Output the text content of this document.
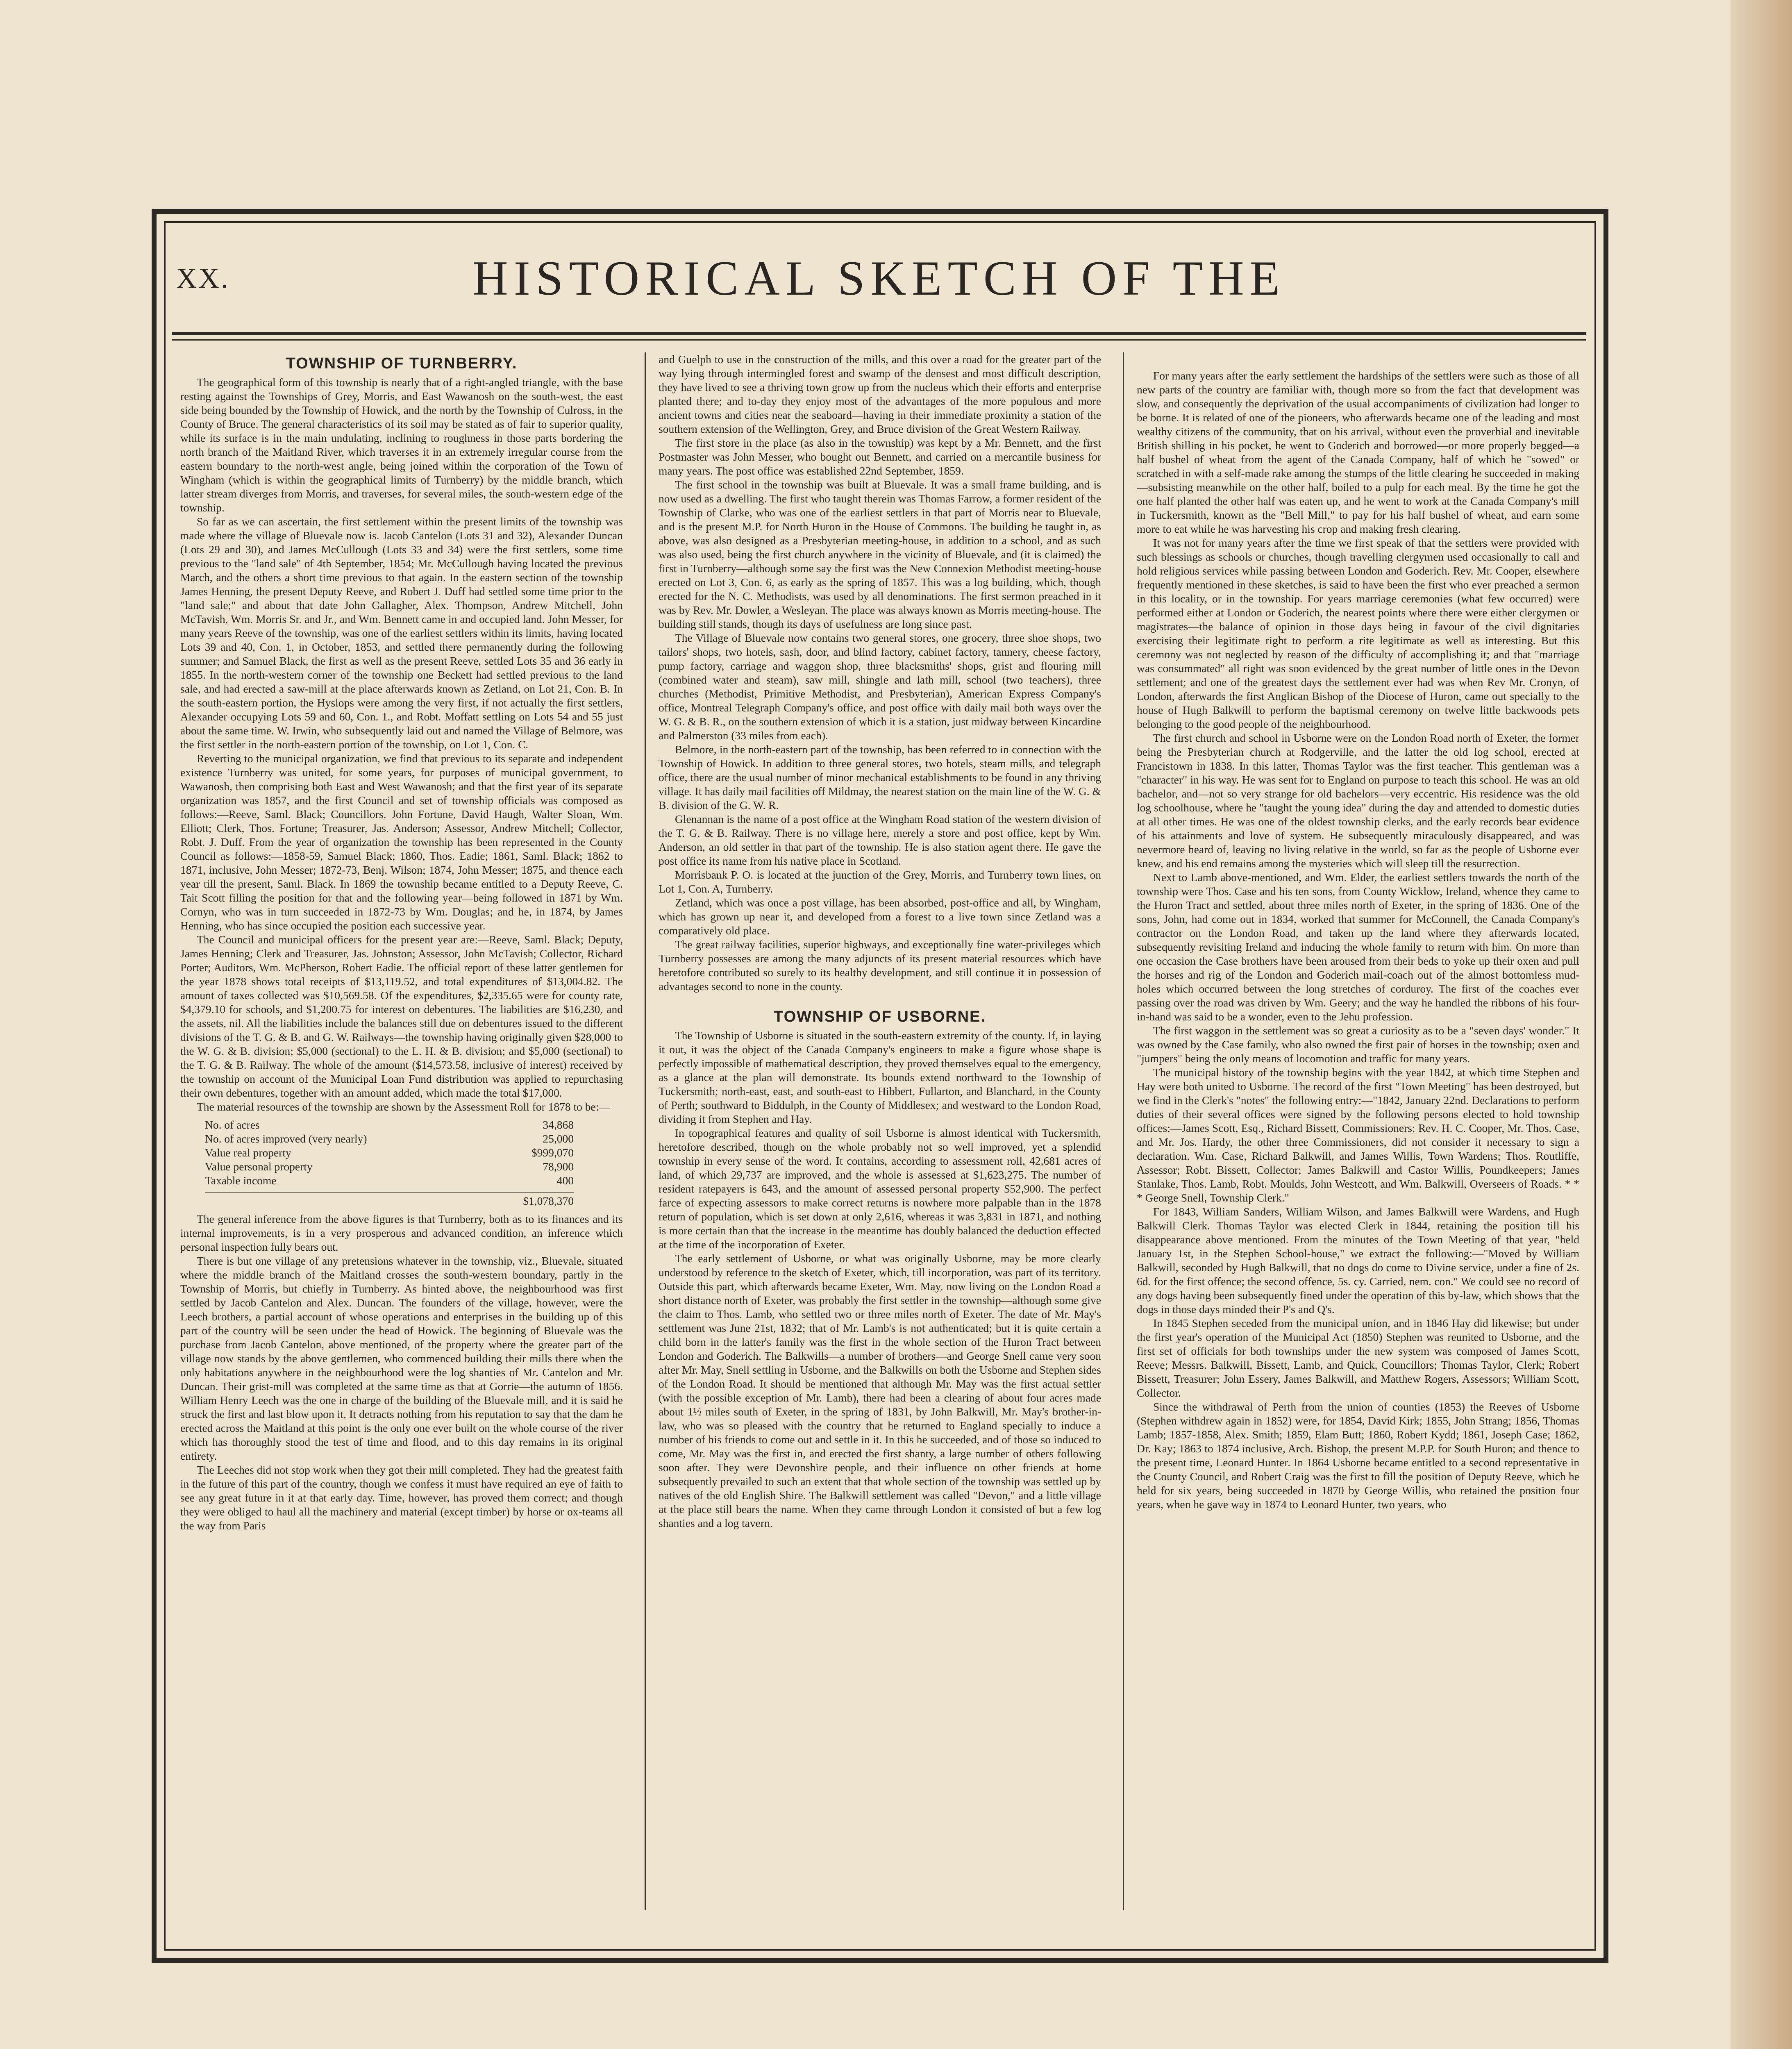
XX.	HISTORICAL SKETCH OF THE
TOWNSHIP OF TURNBERRY.

The geographical form of this township is nearly that of a right-angled triangle, with the base resting against the Townships of Grey, Morris, and East Wawanosh on the south-west, the east side being bounded by the Township of Howick, and the north by the Township of Culross, in the County of Bruce. The general characteristics of its soil may be stated as of fair to superior quality, while its surface is in the main undulating, inclining to roughness in those parts bordering the north branch of the Maitland River, which traverses it in an extremely irregular course from the eastern boundary to the north-west angle, being joined within the corporation of the Town of Wingham (which is within the geographical limits of Turnberry) by the middle branch, which latter stream diverges from Morris, and traverses, for several miles, the south-western edge of the township.

So far as we can ascertain, the first settlement within the present limits of the township was made where the village of Bluevale now is. Jacob Cantelon (Lots 31 and 32), Alexander Duncan (Lots 29 and 30), and James McCullough (Lots 33 and 34) were the first settlers, some time previous to the "land sale" of 4th September, 1854; Mr. McCullough having located the previous March, and the others a short time previous to that again. In the eastern section of the township James Henning, the present Deputy Reeve, and Robert J. Duff had settled some time prior to the "land sale;" and about that date John Gallagher, Alex. Thompson, Andrew Mitchell, John McTavish, Wm. Morris Sr. and Jr., and Wm. Bennett came in and occupied land. John Messer, for many years Reeve of the township, was one of the earliest settlers within its limits, having located Lots 39 and 40, Con. 1, in October, 1853, and settled there permanently during the following summer; and Samuel Black, the first as well as the present Reeve, settled Lots 35 and 36 early in 1855. In the north-western corner of the township one Beckett had settled previous to the land sale, and had erected a saw-mill at the place afterwards known as Zetland, on Lot 21, Con. B. In the south-eastern portion, the Hyslops were among the very first, if not actually the first settlers, Alexander occupying Lots 59 and 60, Con. 1., and Robt. Moffatt settling on Lots 54 and 55 just about the same time. W. Irwin, who subsequently laid out and named the Village of Belmore, was the first settler in the north-eastern portion of the township, on Lot 1, Con. C.

Reverting to the municipal organization, we find that previous to its separate and independent existence Turnberry was united, for some years, for purposes of municipal government, to Wawanosh, then comprising both East and West Wawanosh; and that the first year of its separate organization was 1857, and the first Council and set of township officials was composed as follows:—Reeve, Saml. Black; Councillors, John Fortune, David Haugh, Walter Sloan, Wm. Elliott; Clerk, Thos. Fortune; Treasurer, Jas. Anderson; Assessor, Andrew Mitchell; Collector, Robt. J. Duff. From the year of organization the township has been represented in the County Council as follows:—1858-59, Samuel Black; 1860, Thos. Eadie; 1861, Saml. Black; 1862 to 1871, inclusive, John Messer; 1872-73, Benj. Wilson; 1874, John Messer; 1875, and thence each year till the present, Saml. Black. In 1869 the township became entitled to a Deputy Reeve, C. Tait Scott filling the position for that and the following year—being followed in 1871 by Wm. Cornyn, who was in turn succeeded in 1872-73 by Wm. Douglas; and he, in 1874, by James Henning, who has since occupied the position each successive year.

The Council and municipal officers for the present year are:—Reeve, Saml. Black; Deputy, James Henning; Clerk and Treasurer, Jas. Johnston; Assessor, John McTavish; Collector, Richard Porter; Auditors, Wm. McPherson, Robert Eadie. The official report of these latter gentlemen for the year 1878 shows total receipts of $13,119.52, and total expenditures of $13,004.82. The amount of taxes collected was $10,569.58. Of the expenditures, $2,335.65 were for county rate, $4,379.10 for schools, and $1,200.75 for interest on debentures. The liabilities are $16,230, and the assets, nil. All the liabilities include the balances still due on debentures issued to the different divisions of the T. G. & B. and G. W. Railways—the township having originally given $28,000 to the W. G. & B. division; $5,000 (sectional) to the L. H. & B. division; and $5,000 (sectional) to the T. G. & B. Railway. The whole of the amount ($14,573.58, inclusive of interest) received by the township on account of the Municipal Loan Fund distribution was applied to repurchasing their own debentures, together with an amount added, which made the total $17,000.

The material resources of the township are shown by the Assessment Roll for 1878 to be:—

No. of acres	34,868
No. of acres improved (very nearly)	25,000
Value real property	$999,070
Value personal property	78,900
Taxable income	400
$1,078,370

The general inference from the above figures is that Turnberry, both as to its finances and its internal improvements, is in a very prosperous and advanced condition, an inference which personal inspection fully bears out.

There is but one village of any pretensions whatever in the township, viz., Bluevale, situated where the middle branch of the Maitland crosses the south-western boundary, partly in the Township of Morris, but chiefly in Turnberry. As hinted above, the neighbourhood was first settled by Jacob Cantelon and Alex. Duncan. The founders of the village, however, were the Leech brothers, a partial account of whose operations and enterprises in the building up of this part of the country will be seen under the head of Howick. The beginning of Bluevale was the purchase from Jacob Cantelon, above mentioned, of the property where the greater part of the village now stands by the above gentlemen, who commenced building their mills there when the only habitations anywhere in the neighbourhood were the log shanties of Mr. Cantelon and Mr. Duncan. Their grist-mill was completed at the same time as that at Gorrie—the autumn of 1856. William Henry Leech was the one in charge of the building of the Bluevale mill, and it is said he struck the first and last blow upon it. It detracts nothing from his reputation to say that the dam he erected across the Maitland at this point is the only one ever built on the whole course of the river which has thoroughly stood the test of time and flood, and to this day remains in its original entirety.

The Leeches did not stop work when they got their mill completed. They had the greatest faith in the future of this part of the country, though we confess it must have required an eye of faith to see any great future in it at that early day. Time, however, has proved them correct; and though they were obliged to haul all the machinery and material (except timber) by horse or ox-teams all the way from Paris

and Guelph to use in the construction of the mills, and this over a road for the greater part of the way lying through intermingled forest and swamp of the densest and most difficult description, they have lived to see a thriving town grow up from the nucleus which their efforts and enterprise planted there; and to-day they enjoy most of the advantages of the more populous and more ancient towns and cities near the seaboard—having in their immediate proximity a station of the southern extension of the Wellington, Grey, and Bruce division of the Great Western Railway.

The first store in the place (as also in the township) was kept by a Mr. Bennett, and the first Postmaster was John Messer, who bought out Bennett, and carried on a mercantile business for many years. The post office was established 22nd September, 1859.

The first school in the township was built at Bluevale. It was a small frame building, and is now used as a dwelling. The first who taught therein was Thomas Farrow, a former resident of the Township of Clarke, who was one of the earliest settlers in that part of Morris near to Bluevale, and is the present M.P. for North Huron in the House of Commons. The building he taught in, as above, was also designed as a Presbyterian meeting-house, in addition to a school, and as such was also used, being the first church anywhere in the vicinity of Bluevale, and (it is claimed) the first in Turnberry—although some say the first was the New Connexion Methodist meeting-house erected on Lot 3, Con. 6, as early as the spring of 1857. This was a log building, which, though erected for the N. C. Methodists, was used by all denominations. The first sermon preached in it was by Rev. Mr. Dowler, a Wesleyan. The place was always known as Morris meeting-house. The building still stands, though its days of usefulness are long since past.

The Village of Bluevale now contains two general stores, one grocery, three shoe shops, two tailors' shops, two hotels, sash, door, and blind factory, cabinet factory, tannery, cheese factory, pump factory, carriage and waggon shop, three blacksmiths' shops, grist and flouring mill (combined water and steam), saw mill, shingle and lath mill, school (two teachers), three churches (Methodist, Primitive Methodist, and Presbyterian), American Express Company's office, Montreal Telegraph Company's office, and post office with daily mail both ways over the W. G. & B. R., on the southern extension of which it is a station, just midway between Kincardine and Palmerston (33 miles from each).

Belmore, in the north-eastern part of the township, has been referred to in connection with the Township of Howick. In addition to three general stores, two hotels, steam mills, and telegraph office, there are the usual number of minor mechanical establishments to be found in any thriving village. It has daily mail facilities off Mildmay, the nearest station on the main line of the W. G. & B. division of the G. W. R.

Glenannan is the name of a post office at the Wingham Road station of the western division of the T. G. & B. Railway. There is no village here, merely a store and post office, kept by Wm. Anderson, an old settler in that part of the township. He is also station agent there. He gave the post office its name from his native place in Scotland.

Morrisbank P. O. is located at the junction of the Grey, Morris, and Turnberry town lines, on Lot 1, Con. A, Turnberry.

Zetland, which was once a post village, has been absorbed, post-office and all, by Wingham, which has grown up near it, and developed from a forest to a live town since Zetland was a comparatively old place.

The great railway facilities, superior highways, and exceptionally fine water-privileges which Turnberry possesses are among the many adjuncts of its present material resources which have heretofore contributed so surely to its healthy development, and still continue it in possession of advantages second to none in the county.

TOWNSHIP OF USBORNE.

The Township of Usborne is situated in the south-eastern extremity of the county. If, in laying it out, it was the object of the Canada Company's engineers to make a figure whose shape is perfectly impossible of mathematical description, they proved themselves equal to the emergency, as a glance at the plan will demonstrate. Its bounds extend northward to the Township of Tuckersmith; north-east, east, and south-east to Hibbert, Fullarton, and Blanchard, in the County of Perth; southward to Biddulph, in the County of Middlesex; and westward to the London Road, dividing it from Stephen and Hay.

In topographical features and quality of soil Usborne is almost identical with Tuckersmith, heretofore described, though on the whole probably not so well improved, yet a splendid township in every sense of the word. It contains, according to assessment roll, 42,681 acres of land, of which 29,737 are improved, and the whole is assessed at $1,623,275. The number of resident ratepayers is 643, and the amount of assessed personal property $52,900. The perfect farce of expecting assessors to make correct returns is nowhere more palpable than in the 1878 return of population, which is set down at only 2,616, whereas it was 3,831 in 1871, and nothing is more certain than that the increase in the meantime has doubly balanced the deduction effected at the time of the incorporation of Exeter.

The early settlement of Usborne, or what was originally Usborne, may be more clearly understood by reference to the sketch of Exeter, which, till incorporation, was part of its territory. Outside this part, which afterwards became Exeter, Wm. May, now living on the London Road a short distance north of Exeter, was probably the first settler in the township—although some give the claim to Thos. Lamb, who settled two or three miles north of Exeter. The date of Mr. May's settlement was June 21st, 1832; that of Mr. Lamb's is not authenticated; but it is quite certain a child born in the latter's family was the first in the whole section of the Huron Tract between London and Goderich. The Balkwills—a number of brothers—and George Snell came very soon after Mr. May, Snell settling in Usborne, and the Balkwills on both the Usborne and Stephen sides of the London Road. It should be mentioned that although Mr. May was the first actual settler (with the possible exception of Mr. Lamb), there had been a clearing of about four acres made about 1½ miles south of Exeter, in the spring of 1831, by John Balkwill, Mr. May's brother-in-law, who was so pleased with the country that he returned to England specially to induce a number of his friends to come out and settle in it. In this he succeeded, and of those so induced to come, Mr. May was the first in, and erected the first shanty, a large number of others following soon after. They were Devonshire people, and their influence on other friends at home subsequently prevailed to such an extent that that whole section of the township was settled up by natives of the old English Shire. The Balkwill settlement was called "Devon," and a little village at the place still bears the name. When they came through London it consisted of but a few log shanties and a log tavern.

For many years after the early settlement the hardships of the settlers were such as those of all new parts of the country are familiar with, though more so from the fact that development was slow, and consequently the deprivation of the usual accompaniments of civilization had longer to be borne. It is related of one of the pioneers, who afterwards became one of the leading and most wealthy citizens of the community, that on his arrival, without even the proverbial and inevitable British shilling in his pocket, he went to Goderich and borrowed—or more properly begged—a half bushel of wheat from the agent of the Canada Company, half of which he "sowed" or scratched in with a self-made rake among the stumps of the little clearing he succeeded in making—subsisting meanwhile on the other half, boiled to a pulp for each meal. By the time he got the one half planted the other half was eaten up, and he went to work at the Canada Company's mill in Tuckersmith, known as the "Bell Mill," to pay for his half bushel of wheat, and earn some more to eat while he was harvesting his crop and making fresh clearing.

It was not for many years after the time we first speak of that the settlers were provided with such blessings as schools or churches, though travelling clergymen used occasionally to call and hold religious services while passing between London and Goderich. Rev. Mr. Cooper, elsewhere frequently mentioned in these sketches, is said to have been the first who ever preached a sermon in this locality, or in the township. For years marriage ceremonies (what few occurred) were performed either at London or Goderich, the nearest points where there were either clergymen or magistrates—the balance of opinion in those days being in favour of the civil dignitaries exercising their legitimate right to perform a rite legitimate as well as interesting. But this ceremony was not neglected by reason of the difficulty of accomplishing it; and that "marriage was consummated" all right was soon evidenced by the great number of little ones in the Devon settlement; and one of the greatest days the settlement ever had was when Rev Mr. Cronyn, of London, afterwards the first Anglican Bishop of the Diocese of Huron, came out specially to the house of Hugh Balkwill to perform the baptismal ceremony on twelve little backwoods pets belonging to the good people of the neighbourhood.

The first church and school in Usborne were on the London Road north of Exeter, the former being the Presbyterian church at Rodgerville, and the latter the old log school, erected at Francistown in 1838. In this latter, Thomas Taylor was the first teacher. This gentleman was a "character" in his way. He was sent for to England on purpose to teach this school. He was an old bachelor, and—not so very strange for old bachelors—very eccentric. His residence was the old log schoolhouse, where he "taught the young idea" during the day and attended to domestic duties at all other times. He was one of the oldest township clerks, and the early records bear evidence of his attainments and love of system. He subsequently miraculously disappeared, and was nevermore heard of, leaving no living relative in the world, so far as the people of Usborne ever knew, and his end remains among the mysteries which will sleep till the resurrection.

Next to Lamb above-mentioned, and Wm. Elder, the earliest settlers towards the north of the township were Thos. Case and his ten sons, from County Wicklow, Ireland, whence they came to the Huron Tract and settled, about three miles north of Exeter, in the spring of 1836. One of the sons, John, had come out in 1834, worked that summer for McConnell, the Canada Company's contractor on the London Road, and taken up the land where they afterwards located, subsequently revisiting Ireland and inducing the whole family to return with him. On more than one occasion the Case brothers have been aroused from their beds to yoke up their oxen and pull the horses and rig of the London and Goderich mail-coach out of the almost bottomless mud-holes which occurred between the long stretches of corduroy. The first of the coaches ever passing over the road was driven by Wm. Geery; and the way he handled the ribbons of his four-in-hand was said to be a wonder, even to the Jehu profession.

The first waggon in the settlement was so great a curiosity as to be a "seven days' wonder." It was owned by the Case family, who also owned the first pair of horses in the township; oxen and "jumpers" being the only means of locomotion and traffic for many years.

The municipal history of the township begins with the year 1842, at which time Stephen and Hay were both united to Usborne. The record of the first "Town Meeting" has been destroyed, but we find in the Clerk's "notes" the following entry:—"1842, January 22nd. Declarations to perform duties of their several offices were signed by the following persons elected to hold township offices:—James Scott, Esq., Richard Bissett, Commissioners; Rev. H. C. Cooper, Mr. Thos. Case, and Mr. Jos. Hardy, the other three Commissioners, did not consider it necessary to sign a declaration. Wm. Case, Richard Balkwill, and James Willis, Town Wardens; Thos. Routliffe, Assessor; Robt. Bissett, Collector; James Balkwill and Castor Willis, Poundkeepers; James Stanlake, Thos. Lamb, Robt. Moulds, John Westcott, and Wm. Balkwill, Overseers of Roads. * * * George Snell, Township Clerk."

For 1843, William Sanders, William Wilson, and James Balkwill were Wardens, and Hugh Balkwill Clerk. Thomas Taylor was elected Clerk in 1844, retaining the position till his disappearance above mentioned. From the minutes of the Town Meeting of that year, "held January 1st, in the Stephen School-house," we extract the following:—"Moved by William Balkwill, seconded by Hugh Balkwill, that no dogs do come to Divine service, under a fine of 2s. 6d. for the first offence; the second offence, 5s. cy. Carried, nem. con." We could see no record of any dogs having been subsequently fined under the operation of this by-law, which shows that the dogs in those days minded their P's and Q's.

In 1845 Stephen seceded from the municipal union, and in 1846 Hay did likewise; but under the first year's operation of the Municipal Act (1850) Stephen was reunited to Usborne, and the first set of officials for both townships under the new system was composed of James Scott, Reeve; Messrs. Balkwill, Bissett, Lamb, and Quick, Councillors; Thomas Taylor, Clerk; Robert Bissett, Treasurer; John Essery, James Balkwill, and Matthew Rogers, Assessors; William Scott, Collector.

Since the withdrawal of Perth from the union of counties (1853) the Reeves of Usborne (Stephen withdrew again in 1852) were, for 1854, David Kirk; 1855, John Strang; 1856, Thomas Lamb; 1857-1858, Alex. Smith; 1859, Elam Butt; 1860, Robert Kydd; 1861, Joseph Case; 1862, Dr. Kay; 1863 to 1874 inclusive, Arch. Bishop, the present M.P.P. for South Huron; and thence to the present time, Leonard Hunter. In 1864 Usborne became entitled to a second representative in the County Council, and Robert Craig was the first to fill the position of Deputy Reeve, which he held for six years, being succeeded in 1870 by George Willis, who retained the position four years, when he gave way in 1874 to Leonard Hunter, two years, who
